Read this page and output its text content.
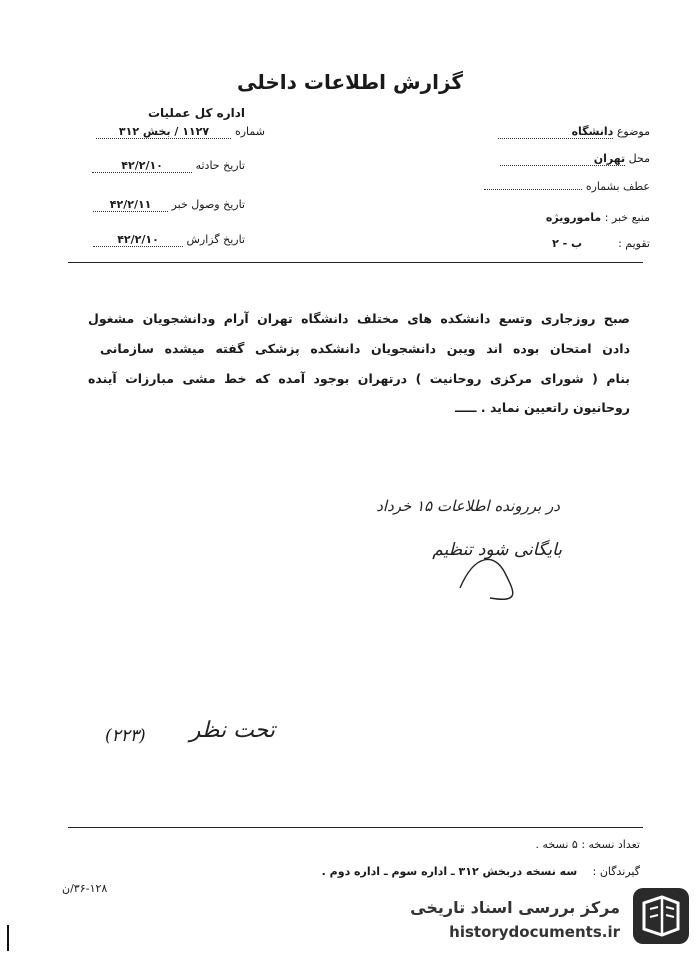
گزارش اطلاعات داخلی
اداره کل عملیات
شماره ۱۱۲۷ / بخش ۳۱۲
تاریخ حادثه ۴۲/۲/۱۰
تاریخ وصول خبر ۴۲/۲/۱۱
تاریخ گزارش ۴۲/۲/۱۰
موضوع دانشگاه
محل تهران
عطف بشماره
منبع خبر : مامورویژه
تقویم : ب - ۲
صبح روزجاری وتسع دانشکده های مختلف دانشگاه تهران آرام ودانشجویان مشغول
دادن امتحان بوده اند ویبن دانشجویان دانشکده پزشکی گفته میشده سازمانی
بنام ( شورای مرکزی روحانیت ) درتهران بوجود آمده که خط مشی مبارزات آینده
روحانیون راتعیین نماید . ـــــ
در بررونده اطلاعات ۱۵ خرداد
بایگانی شود تنظیم
(۲۲۳) تحت نظر
تعداد نسخه : ۵ نسخه .
گیرندگان : سه نسخه دربخش ۳۱۲ ـ اداره سوم ـ اداره دوم .
۳۶-۱۲۸/ن
مرکز بررسی اسناد تاریخی
historydocuments.ir
